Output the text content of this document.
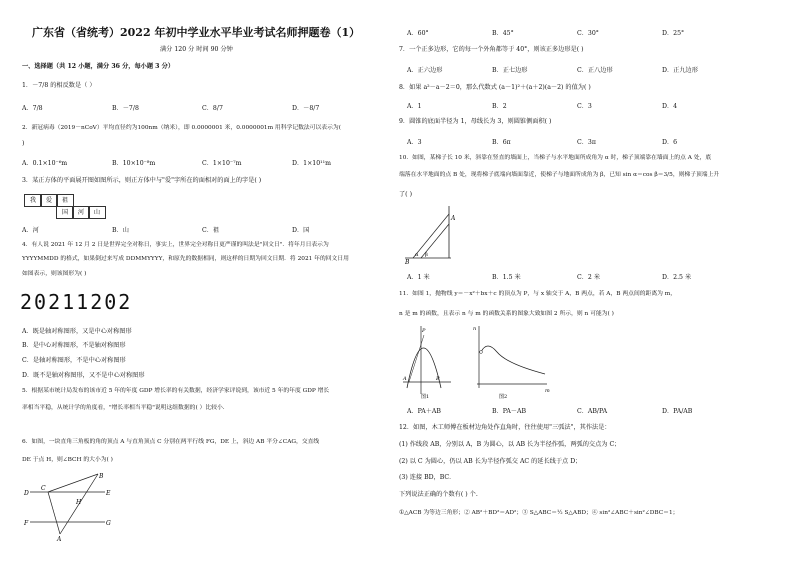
广东省（省统考）2022 年初中学业水平毕业考试名师押题卷（1）
满分 120 分 时间 90 分钟
一、选择题（共 12 小题，满分 36 分，每小题 3 分）
1．－7/8 的相反数是（ ）
A．7/8	B．－7/8	C．8/7	D．－8/7
2．新冠病毒（2019－nCoV）平均直径约为100nm（纳米），即 0.0000001 米，0.0000001m 用科学记数法可以表示为(
)
A．0.1×10⁻⁶m	B．10×10⁻⁸m	C．1×10⁻⁷m	D．1×10¹¹m
3．某正方体的平面展开图如图所示，则正方体中与"爱"字所在的面相对的面上的字是( )
我	爱	祖
国	河	山
A．河	B．山	C．祖	D．国
4．有人说 2021 年 12 月 2 日是世界完全对称日，事实上，世界完全对称日更严谨的叫法是"回文日"．将年月日表示为
YYYYMMDD 的格式，如果倒过来写成 DDMMYYYY，和原先的数据相同，则这样的日期为回文日期．将 2021 年的回文日用
如图表示，则该图形为( )
20211202
A．既是轴对称图形，又是中心对称图形
B．是中心对称图形，不是轴对称图形
C．是轴对称图形，不是中心对称图形
D．既不是轴对称图形，又不是中心对称图形
5．根据某市统计局发布的该市近 5 年的年度 GDP 增长率的有关数据，经济学家评说到，该市近 5 年的年度 GDP 增长
率相当平稳，从统计学的角度看，"增长率相当平稳"说明这组数据的( ）比较小.
6．如图，一块直角三角板的角的顶点 A 与直角顶点 C 分别在两平行线 FG，DE 上，斜边 AB 平分∠CAG，交直线
DE 于点 H，则∠BCH 的大小为( )
B
C
D
H
E
F
A
G
A．60°	B．45°	C．30°	D．25°
7．一个正多边形，它的每一个外角都等于 40°，则该正多边形是( )
A．正六边形	B．正七边形	C．正八边形	D．正九边形
8．如果 a²－a－2＝0，那么代数式 (a－1)²＋(a＋2)(a－2) 的值为( )
A．1	B．2	C．3	D．4
9．圆锥的底面半径为 1，母线长为 3，则圆锥侧面积( )
A．3	B．6π	C．3π	D．6
10．如图，某梯子长 10 米，斜靠在竖直的墙面上，当梯子与水平地面所成角为 α 时，梯子顶端靠在墙面上的点 A 处，底
端落在水平地面的点 B 处，现将梯子底端向墙面靠近，使梯子与地面所成角为 β，已知 sin α＝cos β＝3/5，则梯子顶端上升
了( )
A
α β
B
A．1 米	B．1.5 米	C．2 米	D．2.5 米
11．如图 1，抛物线 y＝－x²＋bx＋c 的顶点为 P，与 x 轴交于 A，B 两点，若 A，B 两点间的距离为 m，
n 是 m 的函数，且表示 n 与 m 的函数关系的图象大致如图 2 所示，则 n 可能为( )
P
A	B
图1
n
m
图2
A．PA＋AB	B．PA－AB	C．AB/PA	D．PA/AB
12．如图，木工师傅在板材边角处作直角时，往往使用"三弧法"，其作法是：
(1) 作线段 AB，分别以 A，B 为圆心，以 AB 长为半径作弧，两弧的交点为 C；
(2) 以 C 为圆心，仍以 AB 长为半径作弧交 AC 的延长线于点 D；
(3) 连接 BD，BC．
下列说法正确的个数有( ) 个.
①△ACB 为等边三角形；② AB²＋BD²＝AD²；③ S△ABC＝½ S△ABD；④ sin²∠ABC＋sin²∠DBC＝1；
